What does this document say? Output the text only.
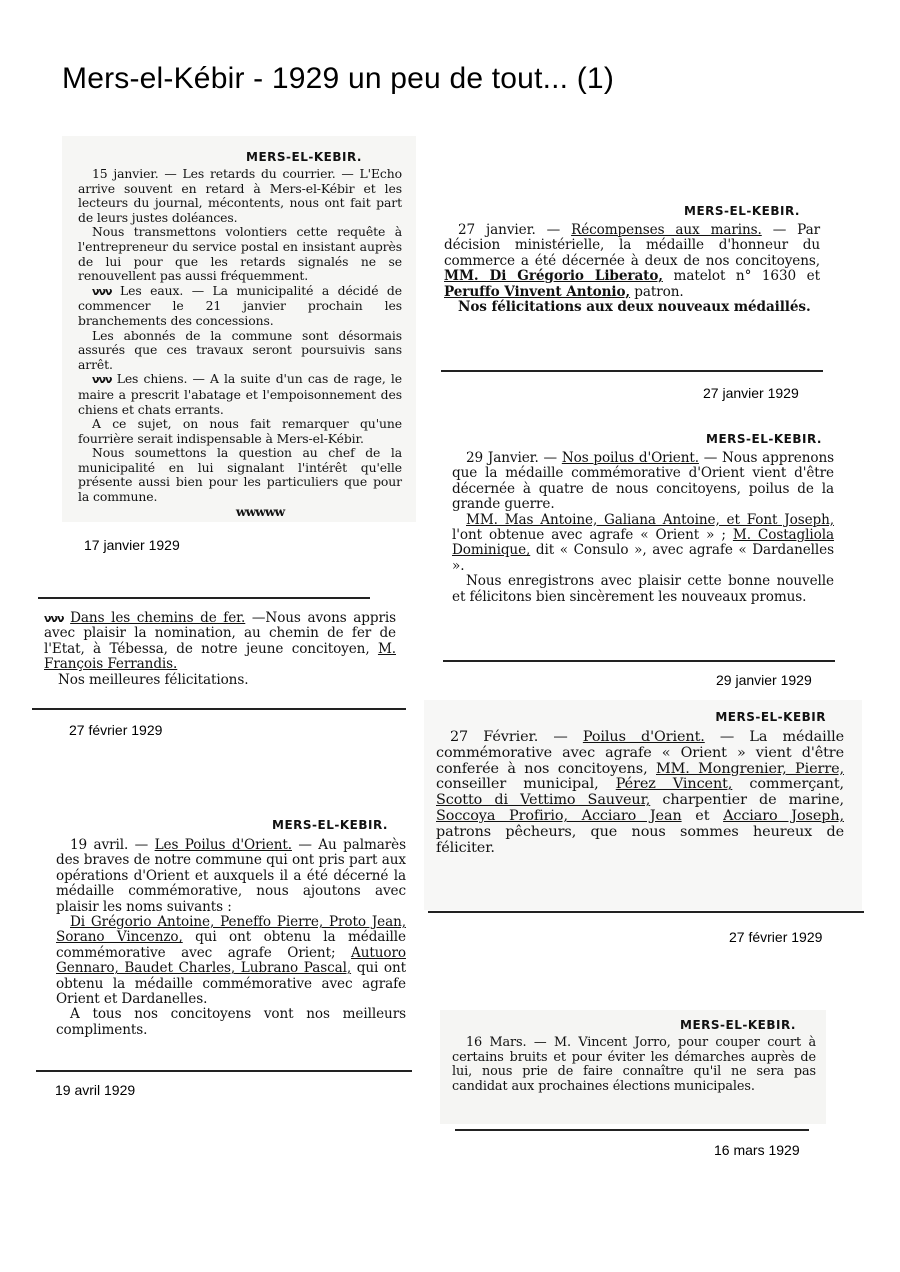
Mers-el-Kébir - 1929 un peu de tout... (1)

MERS-EL-KEBIR.

15 janvier. — Les retards du courrier. — L'Echo arrive souvent en retard à Mers-el-Kébir et les lecteurs du journal, mécontents, nous ont fait part de leurs justes doléances.

Nous transmettons volontiers cette requête à l'entrepreneur du service postal en insistant auprès de lui pour que les retards signalés ne se renouvellent pas aussi fréquemment.

ννν Les eaux. — La municipalité a décidé de commencer le 21 janvier prochain les branchements des concessions.

Les abonnés de la commune sont désormais assurés que ces travaux seront poursuivis sans arrêt.

ννν Les chiens. — A la suite d'un cas de rage, le maire a prescrit l'abatage et l'empoisonnement des chiens et chats errants.

A ce sujet, on nous fait remarquer qu'une fourrière serait indispensable à Mers-el-Kébir.

Nous soumettons la question au chef de la municipalité en lui signalant l'intérêt qu'elle présente aussi bien pour les particuliers que pour la commune.

wwwww

17 janvier 1929

ννν Dans les chemins de fer. —Nous avons appris avec plaisir la nomination, au chemin de fer de l'Etat, à Tébessa, de notre jeune concitoyen, M. François Ferrandis.

Nos meilleures félicitations.

27 février 1929

MERS-EL-KEBIR.

19 avril. — Les Poilus d'Orient. — Au palmarès des braves de notre commune qui ont pris part aux opérations d'Orient et auxquels il a été décerné la médaille commémorative, nous ajoutons avec plaisir les noms suivants :

Di Grégorio Antoine, Peneffo Pierre, Proto Jean, Sorano Vincenzo, qui ont obtenu la médaille commémorative avec agrafe Orient; Autuoro Gennaro, Baudet Charles, Lubrano Pascal, qui ont obtenu la médaille commémorative avec agrafe Orient et Dardanelles.

A tous nos concitoyens vont nos meilleurs compliments.

19 avril 1929

MERS-EL-KEBIR.

27 janvier. — Récompenses aux marins. — Par décision ministérielle, la médaille d'honneur du commerce a été décernée à deux de nos concitoyens, MM. Di Grégorio Liberato, matelot n° 1630 et Peruffo Vinvent Antonio, patron.

Nos félicitations aux deux nouveaux médaillés.

27 janvier 1929

MERS-EL-KEBIR.

29 Janvier. — Nos poilus d'Orient. — Nous apprenons que la médaille commémorative d'Orient vient d'être décernée à quatre de nous concitoyens, poilus de la grande guerre.

MM. Mas Antoine, Galiana Antoine, et Font Joseph, l'ont obtenue avec agrafe « Orient » ; M. Costagliola Dominique, dit « Consulo », avec agrafe « Dardanelles ».

Nous enregistrons avec plaisir cette bonne nouvelle et félicitons bien sincèrement les nouveaux promus.

29 janvier 1929

MERS-EL-KEBIR

27 Février. — Poilus d'Orient. — La médaille commémorative avec agrafe « Orient » vient d'être conferée à nos concitoyens, MM. Mongrenier, Pierre, conseiller municipal, Pérez Vincent, commerçant, Scotto di Vettimo Sauveur, charpentier de marine, Soccoya Profirio, Acciaro Jean et Acciaro Joseph, patrons pêcheurs, que nous sommes heureux de féliciter.

27 février 1929

MERS-EL-KEBIR.

16 Mars. — M. Vincent Jorro, pour couper court à certains bruits et pour éviter les démarches auprès de lui, nous prie de faire connaître qu'il ne sera pas candidat aux prochaines élections municipales.

16 mars 1929
